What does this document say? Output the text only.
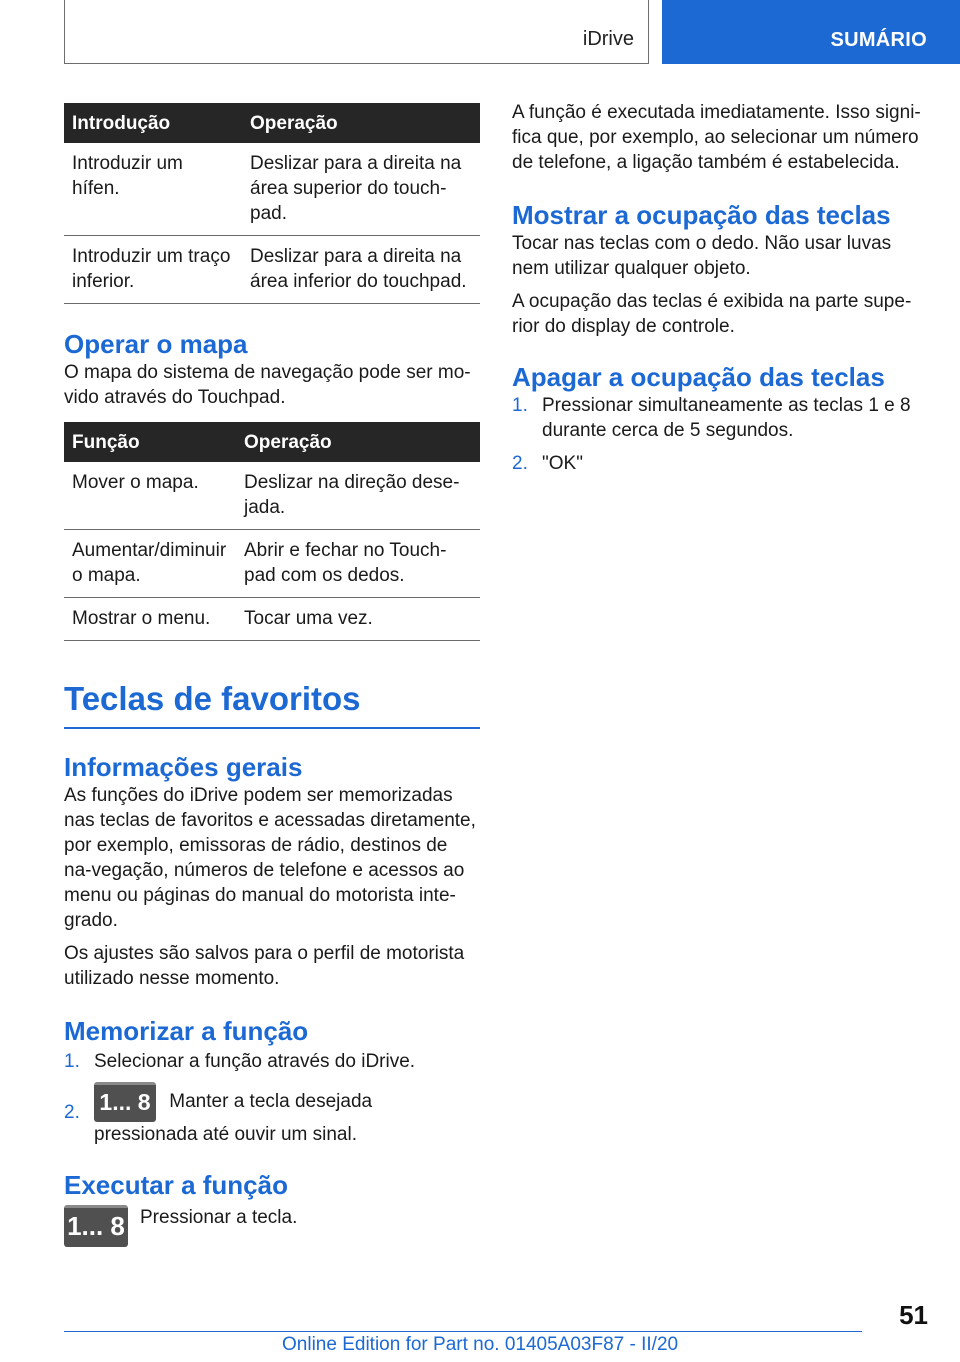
iDrive	SUMÁRIO
Introdução	Operação
Introduzir um hífen.	Deslizar para a direita na área superior do touch-pad.
Introduzir um traço inferior.	Deslizar para a direita na área inferior do touchpad.
Operar o mapa

O mapa do sistema de navegação pode ser mo-vido através do Touchpad.

Função	Operação
Mover o mapa.	Deslizar na direção dese-jada.
Aumentar/diminuir o mapa.	Abrir e fechar no Touch-pad com os dedos.
Mostrar o menu.	Tocar uma vez.
Teclas de favoritos
Informações gerais

As funções do iDrive podem ser memorizadas nas teclas de favoritos e acessadas diretamente, por exemplo, emissoras de rádio, destinos de na-vegação, números de telefone e acessos ao menu ou páginas do manual do motorista inte-grado.

Os ajustes são salvos para o perfil de motorista utilizado nesse momento.

Memorizar a função
1. Selecionar a função através do iDrive.
2. 1... 8 Manter a tecla desejada pressionada até ouvir um sinal.
Executar a função
1... 8 Pressionar a tecla.

A função é executada imediatamente. Isso signi-fica que, por exemplo, ao selecionar um número de telefone, a ligação também é estabelecida.

Mostrar a ocupação das teclas

Tocar nas teclas com o dedo. Não usar luvas nem utilizar qualquer objeto.

A ocupação das teclas é exibida na parte supe-rior do display de controle.

Apagar a ocupação das teclas
1. Pressionar simultaneamente as teclas 1 e 8 durante cerca de 5 segundos.
2. "OK"
51
Online Edition for Part no. 01405A03F87 - II/20
